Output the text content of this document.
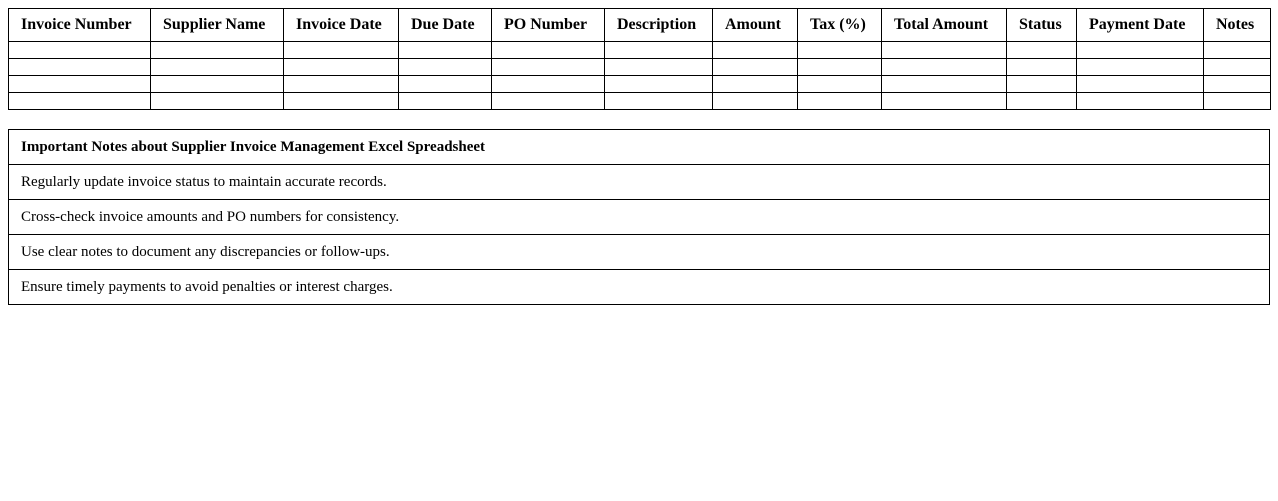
Invoice Number	Supplier Name	Invoice Date	Due Date	PO Number	Description	Amount	Tax (%)	Total Amount	Status	Payment Date	Notes

Important Notes about Supplier Invoice Management Excel Spreadsheet
Regularly update invoice status to maintain accurate records.
Cross-check invoice amounts and PO numbers for consistency.
Use clear notes to document any discrepancies or follow-ups.
Ensure timely payments to avoid penalties or interest charges.
